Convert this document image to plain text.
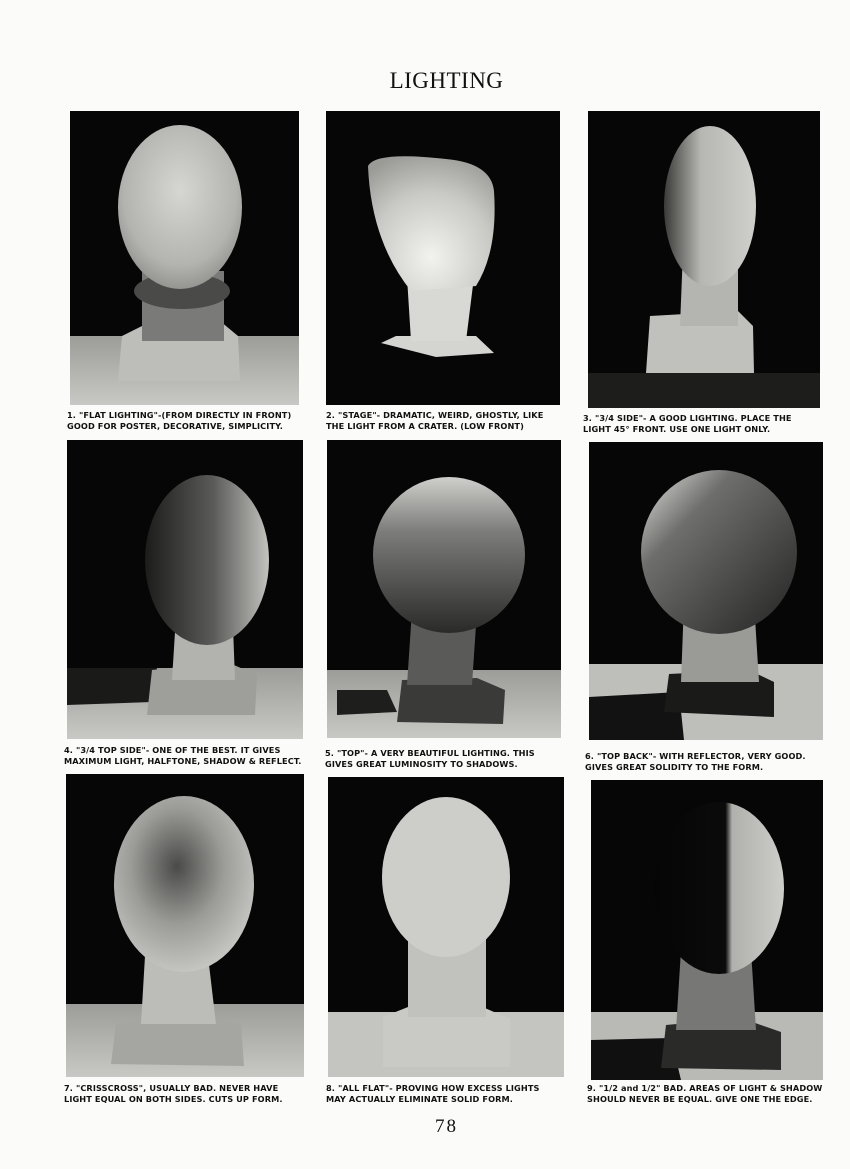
LIGHTING
1. "FLAT LIGHTING"-(FROM DIRECTLY IN FRONT)
GOOD FOR POSTER, DECORATIVE, SIMPLICITY.
2. "STAGE"- DRAMATIC, WEIRD, GHOSTLY, LIKE
THE LIGHT FROM A CRATER. (LOW FRONT)
3. "3/4 SIDE"- A GOOD LIGHTING. PLACE THE
LIGHT 45° FRONT. USE ONE LIGHT ONLY.
4. "3/4 TOP SIDE"- ONE OF THE BEST. IT GIVES
MAXIMUM LIGHT, HALFTONE, SHADOW & REFLECT.
5. "TOP"- A VERY BEAUTIFUL LIGHTING. THIS
GIVES GREAT LUMINOSITY TO SHADOWS.
6. "TOP BACK"- WITH REFLECTOR, VERY GOOD.
GIVES GREAT SOLIDITY TO THE FORM.
7. "CRISSCROSS", USUALLY BAD. NEVER HAVE
LIGHT EQUAL ON BOTH SIDES. CUTS UP FORM.
8. "ALL FLAT"- PROVING HOW EXCESS LIGHTS
MAY ACTUALLY ELIMINATE SOLID FORM.
9. "1/2 and 1/2" BAD. AREAS OF LIGHT & SHADOW
SHOULD NEVER BE EQUAL. GIVE ONE THE EDGE.
78
